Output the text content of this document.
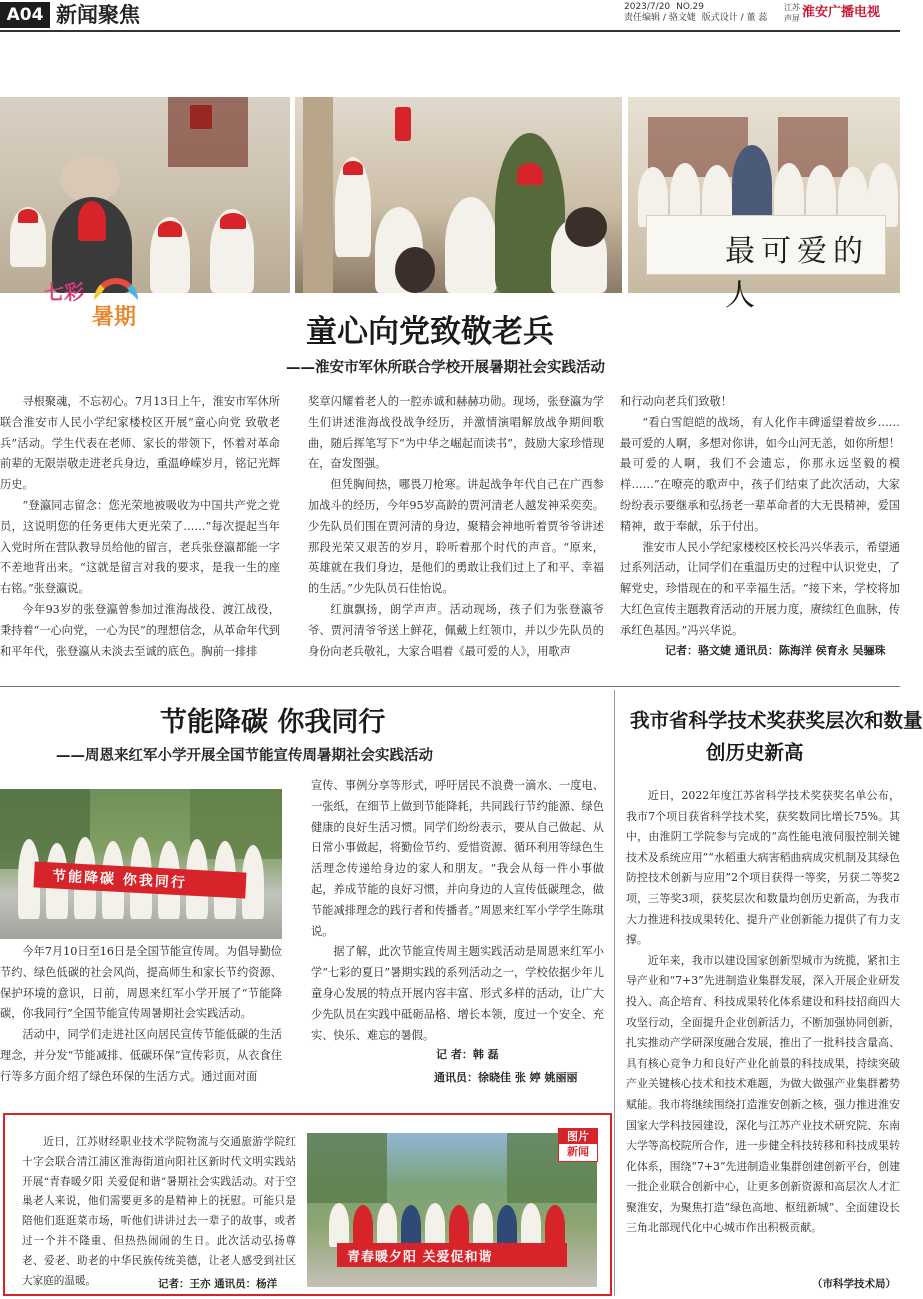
A04 新闻聚焦	2023/7/20 NO.29
责任编辑 / 骆文婕 版式设计 / 董 蕊
江苏 声屏 淮安广播电视
最可爱的人
七彩
暑期	童心向党致敬老兵
——淮安市军休所联合学校开展暑期社会实践活动

寻根聚魂，不忘初心。7月13日上午，淮安市军休所联合淮安市人民小学纪家楼校区开展“童心向党 致敬老兵”活动。学生代表在老师、家长的带领下，怀着对革命前辈的无限崇敬走进老兵身边，重温峥嵘岁月，铭记光辉历史。

“登瀛同志留念：您光荣地被吸收为中国共产党之党员，这说明您的任务更伟大更光荣了……”每次提起当年入党时所在营队教导员给他的留言，老兵张登瀛都能一字不差地背出来。“这就是留言对我的要求，是我一生的座右铭。”张登瀛说。

今年93岁的张登瀛曾参加过淮海战役、渡江战役，秉持着“一心向党，一心为民”的理想信念，从革命年代到和平年代，张登瀛从未淡去至诚的底色。胸前一排排

奖章闪耀着老人的一腔赤诚和赫赫功勋。现场，张登瀛为学生们讲述淮海战役战争经历，并激情演唱解放战争期间歌曲，随后挥笔写下“为中华之崛起而读书”，鼓励大家珍惜现在，奋发图强。

但凭胸间热，哪畏刀枪寒。讲起战争年代自己在广西参加战斗的经历，今年95岁高龄的贾河清老人越发神采奕奕。少先队员们围在贾河清的身边，聚精会神地听着贾爷爷讲述那段光荣又艰苦的岁月，聆听着那个时代的声音。“原来，英雄就在我们身边，是他们的勇敢让我们过上了和平、幸福的生活。”少先队员石佳怡说。

红旗飘扬，朗学声声。活动现场，孩子们为张登瀛爷爷、贾河清爷爷送上鲜花，佩戴上红领巾，并以少先队员的身份向老兵敬礼，大家合唱着《最可爱的人》，用歌声

和行动向老兵们致敬！

“看白雪皑皑的战场，有人化作丰碑遥望着故乡……最可爱的人啊，多想对你讲，如今山河无恙，如你所想！最可爱的人啊，我们不会遗忘，你那永远坚毅的模样……”在嘹亮的歌声中，孩子们结束了此次活动，大家纷纷表示要继承和弘扬老一辈革命者的大无畏精神，爱国精神，敢于奉献，乐于付出。

淮安市人民小学纪家楼校区校长冯兴华表示，希望通过系列活动，让同学们在重温历史的过程中认识党史，了解党史，珍惜现在的和平幸福生活。“接下来，学校将加大红色宣传主题教育活动的开展力度，赓续红色血脉，传承红色基因。”冯兴华说。

记者：骆文婕 通讯员：陈海洋 侯育永 吴骊珠
节能降碳 你我同行
——周恩来红军小学开展全国节能宣传周暑期社会实践活动
节能降碳 你我同行

今年7月10日至16日是全国节能宣传周。为倡导勤俭节约、绿色低碳的社会风尚，提高师生和家长节约资源、保护环境的意识，日前，周恩来红军小学开展了“节能降碳，你我同行”全国节能宣传周暑期社会实践活动。

活动中，同学们走进社区向居民宣传节能低碳的生活理念，并分发“节能减排、低碳环保”宣传彩页，从衣食住行等多方面介绍了绿色环保的生活方式。通过面对面

宣传、事例分享等形式，呼吁居民不浪费一滴水、一度电、一张纸，在细节上做到节能降耗，共同践行节约能源、绿色健康的良好生活习惯。同学们纷纷表示，要从自己做起、从日常小事做起，将勤俭节约、爱惜资源、循环利用等绿色生活理念传递给身边的家人和朋友。“我会从每一件小事做起，养成节能的良好习惯，并向身边的人宣传低碳理念，做节能减排理念的践行者和传播者。”周恩来红军小学学生陈琪说。

据了解，此次节能宣传周主题实践活动是周恩来红军小学“七彩的夏日”暑期实践的系列活动之一，学校依据少年儿童身心发展的特点开展内容丰富、形式多样的活动，让广大少先队员在实践中砥砺品格、增长本领，度过一个安全、充实、快乐、难忘的暑假。

记 者：韩 磊
通讯员：徐晓佳 张 婷 姚丽丽
我市省科学技术奖获奖层次和数量
创历史新高

近日，2022年度江苏省科学技术奖获奖名单公布，我市7个项目获省科学技术奖，获奖数同比增长75%。其中，由淮阴工学院参与完成的“高性能电液伺服控制关键技术及系统应用”“水稻重大病害稻曲病成灾机制及其绿色防控技术创新与应用”2个项目获得一等奖，另获二等奖2项，三等奖3项，获奖层次和数量均创历史新高，为我市大力推进科技成果转化、提升产业创新能力提供了有力支撑。

近年来，我市以建设国家创新型城市为统揽，紧扣主导产业和“7+3”先进制造业集群发展，深入开展企业研发投入、高企培育、科技成果转化体系建设和科技招商四大攻坚行动，全面提升企业创新活力，不断加强协同创新，扎实推动产学研深度融合发展，推出了一批科技含量高、具有核心竞争力和良好产业化前景的科技成果，持续突破产业关键核心技术和技术难题，为做大做强产业集群蓄势赋能。我市将继续围绕打造淮安创新之核，强力推进淮安国家大学科技园建设，深化与江苏产业技术研究院、东南大学等高校院所合作，进一步健全科技转移和科技成果转化体系，围绕“7+3”先进制造业集群创建创新平台，创建一批企业联合创新中心，让更多创新资源和高层次人才汇聚淮安，为聚焦打造“绿色高地、枢纽新城”、全面建设长三角北部现代化中心城市作出积极贡献。

（市科学技术局）

近日，江苏财经职业技术学院物流与交通旅游学院红十字会联合清江浦区淮海街道向阳社区新时代文明实践站开展“青春暖夕阳 关爱促和谐”暑期社会实践活动。对于空巢老人来说，他们需要更多的是精神上的抚慰。可能只是陪他们逛逛菜市场，听他们讲讲过去一辈子的故事，或者过一个并不隆重、但热热闹闹的生日。此次活动弘扬尊老、爱老、助老的中华民族传统美德，让老人感受到社区大家庭的温暖。	记者：王亦 通讯员：杨洋
青春暖夕阳 关爱促和谐
图片
新闻
